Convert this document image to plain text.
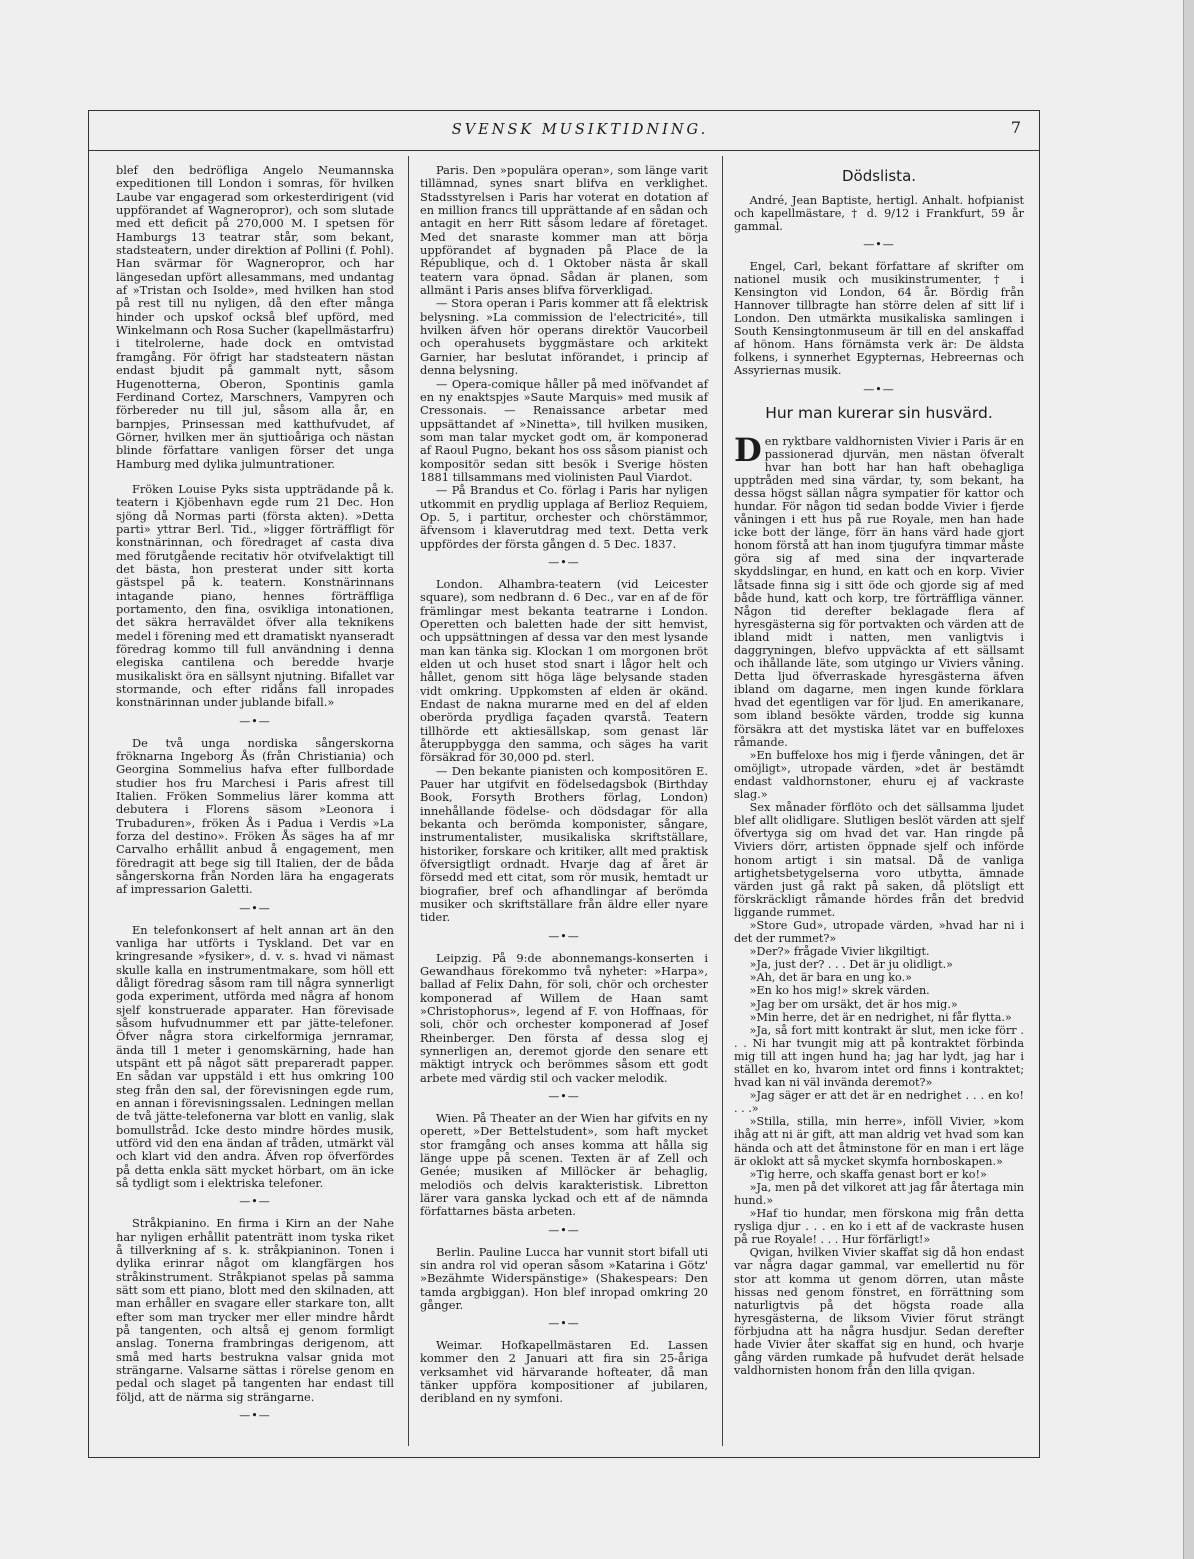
SVENSK MUSIKTIDNING.	7

blef den bedröfliga Angelo Neumannska expeditionen till London i somras, för hvilken Laube var engagerad som orkesterdirigent (vid uppförandet af Wagneropror), och som slutade med ett deficit på 270,000 M. I spetsen för Hamburgs 13 teatrar står, som bekant, stadsteatern, under direktion af Pollini (f. Pohl). Han svärmar för Wagneropror, och har längesedan upfört allesammans, med undantag af »Tristan och Isolde», med hvilken han stod på rest till nu nyligen, då den efter många hinder och upskof också blef upförd, med Winkelmann och Rosa Sucher (kapellmästarfru) i titelrolerne, hade dock en omtvistad framgång. För öfrigt har stadsteatern nästan endast bjudit på gammalt nytt, såsom Hugenotterna, Oberon, Spontinis gamla Ferdinand Cortez, Marschners, Vampyren och förbereder nu till jul, såsom alla år, en barnpjes, Prinsessan med katthufvudet, af Görner, hvilken mer än sjuttioåriga och nästan blinde författare vanligen förser det unga Hamburg med dylika julmuntrationer.

Fröken Louise Pyks sista uppträdande på k. teatern i Kjöbenhavn egde rum 21 Dec. Hon sjöng då Normas parti (första akten). »Detta parti» yttrar Berl. Tid., »ligger förträffligt för konstnärinnan, och föredraget af casta diva med förutgående recitativ hör otvifvelaktigt till det bästa, hon presterat under sitt korta gästspel på k. teatern. Konstnärinnans intagande piano, hennes förträffliga portamento, den fina, osvikliga intonationen, det säkra herraväldet öfver alla teknikens medel i förening med ett dramatiskt nyanseradt föredrag kommo till full användning i denna elegiska cantilena och beredde hvarje musikaliskt öra en sällsynt njutning. Bifallet var stormande, och efter ridåns fall inropades konstnärinnan under jublande bifall.»

—•—

De två unga nordiska sångerskorna fröknarna Ingeborg Ås (från Christiania) och Georgina Sommelius hafva efter fullbordade studier hos fru Marchesi i Paris afrest till Italien. Fröken Sommelius lärer komma att debutera i Florens säsom »Leonora i Trubaduren», fröken Ås i Padua i Verdis »La forza del destino». Fröken Ås säges ha af mr Carvalho erhållit anbud å engagement, men föredragit att bege sig till Italien, der de båda sångerskorna från Norden lära ha engagerats af impressarion Galetti.

—•—

En telefonkonsert af helt annan art än den vanliga har utförts i Tyskland. Det var en kringresande »fysiker», d. v. s. hvad vi nämast skulle kalla en instrumentmakare, som höll ett dåligt föredrag såsom ram till några synnerligt goda experiment, utförda med några af honom sjelf konstruerade apparater. Han förevisade såsom hufvudnummer ett par jätte-telefoner. Öfver några stora cirkelformiga jernramar, ända till 1 meter i genomskärning, hade han utspänt ett på något sätt prepareradt papper. En sådan var uppstäld i ett hus omkring 100 steg från den sal, der förevisningen egde rum, en annan i förevisningssalen. Ledningen mellan de två jätte-telefonerna var blott en vanlig, slak bomullstråd. Icke desto mindre hördes musik, utförd vid den ena ändan af tråden, utmärkt väl och klart vid den andra. Äfven rop öfverfördes på detta enkla sätt mycket hörbart, om än icke så tydligt som i elektriska telefoner.

—•—

Stråkpianino. En firma i Kirn an der Nahe har nyligen erhållit patenträtt inom tyska riket å tillverkning af s. k. stråkpianinon. Tonen i dylika erinrar något om klangfärgen hos stråkinstrument. Stråkpianot spelas på samma sätt som ett piano, blott med den skilnaden, att man erhåller en svagare eller starkare ton, allt efter som man trycker mer eller mindre hårdt på tangenten, och altså ej genom formligt anslag. Tonerna frambringas derigenom, att små med harts bestrukna valsar gnida mot strängarne. Valsarne sättas i rörelse genom en pedal och slaget på tangenten har endast till följd, att de närma sig strängarne.

—•—

Paris. Den »populära operan», som länge varit tillämnad, synes snart blifva en verklighet. Stadsstyrelsen i Paris har voterat en dotation af en million francs till upprättande af en sådan och antagit en herr Ritt såsom ledare af företaget. Med det snaraste kommer man att börja uppförandet af bygnaden på Place de la République, och d. 1 Oktober nästa år skall teatern vara öpnad. Sådan är planen, som allmänt i Paris anses blifva förverkligad.

— Stora operan i Paris kommer att få elektrisk belysning. »La commission de l'electricité», till hvilken äfven hör operans direktör Vaucorbeil och operahusets byggmästare och arkitekt Garnier, har beslutat införandet, i princip af denna belysning.

— Opera-comique håller på med inöfvandet af en ny enaktspjes »Saute Marquis» med musik af Cressonais. — Renaissance arbetar med uppsättandet af »Ninetta», till hvilken musiken, som man talar mycket godt om, är komponerad af Raoul Pugno, bekant hos oss såsom pianist och kompositör sedan sitt besök i Sverige hösten 1881 tillsammans med violinisten Paul Viardot.

— På Brandus et Co. förlag i Paris har nyligen utkommit en prydlig upplaga af Berlioz Requiem, Op. 5, i partitur, orchester och chörstämmor, äfvensom i klaverutdrag med text. Detta verk uppfördes der första gången d. 5 Dec. 1837.

—•—

London. Alhambra-teatern (vid Leicester square), som nedbrann d. 6 Dec., var en af de för främlingar mest bekanta teatrarne i London. Operetten och baletten hade der sitt hemvist, och uppsättningen af dessa var den mest lysande man kan tänka sig. Klockan 1 om morgonen bröt elden ut och huset stod snart i lågor helt och hållet, genom sitt höga läge belysande staden vidt omkring. Uppkomsten af elden är okänd. Endast de nakna murarne med en del af elden oberörda prydliga façaden qvarstå. Teatern tillhörde ett aktiesällskap, som genast lär återuppbygga den samma, och säges ha varit försäkrad för 30,000 pd. sterl.

— Den bekante pianisten och kompositören E. Pauer har utgifvit en födelsedagsbok (Birthday Book, Forsyth Brothers förlag, London) innehållande födelse- och dödsdagar för alla bekanta och berömda komponister, sångare, instrumentalister, musikaliska skriftställare, historiker, forskare och kritiker, allt med praktisk öfversigtligt ordnadt. Hvarje dag af året är försedd med ett citat, som rör musik, hemtadt ur biografier, bref och afhandlingar af berömda musiker och skriftställare från äldre eller nyare tider.

—•—

Leipzig. På 9:de abonnemangs-konserten i Gewandhaus förekommo två nyheter: »Harpa», ballad af Felix Dahn, för soli, chör och orchester komponerad af Willem de Haan samt »Christophorus», legend af F. von Hoffnaas, för soli, chör och orchester komponerad af Josef Rheinberger. Den första af dessa slog ej synnerligen an, deremot gjorde den senare ett mäktigt intryck och berömmes såsom ett godt arbete med värdig stil och vacker melodik.

—•—

Wien. På Theater an der Wien har gifvits en ny operett, »Der Bettelstudent», som haft mycket stor framgång och anses komma att hålla sig länge uppe på scenen. Texten är af Zell och Genée; musiken af Millöcker är behaglig, melodiös och delvis karakteristisk. Libretton lärer vara ganska lyckad och ett af de nämnda författarnes bästa arbeten.

—•—

Berlin. Pauline Lucca har vunnit stort bifall uti sin andra rol vid operan såsom »Katarina i Götz' »Bezähmte Widerspänstige» (Shakespears: Den tamda argbiggan). Hon blef inropad omkring 20 gånger.

—•—

Weimar. Hofkapellmästaren Ed. Lassen kommer den 2 Januari att fira sin 25-åriga verksamhet vid härvarande hofteater, då man tänker uppföra kompositioner af jubilaren, deribland en ny symfoni.

Dödslista.

André, Jean Baptiste, hertigl. Anhalt. hofpianist och kapellmästare, † d. 9/12 i Frankfurt, 59 år gammal.

—•—

Engel, Carl, bekant författare af skrifter om nationel musik och musikinstrumenter, † i Kensington vid London, 64 år. Bördig från Hannover tillbragte han större delen af sitt lif i London. Den utmärkta musikaliska samlingen i South Kensingtonmuseum är till en del anskaffad af hönom. Hans förnämsta verk är: De äldsta folkens, i synnerhet Egypternas, Hebreernas och Assyriernas musik.

—•—
Hur man kurerar sin husvärd.

Den ryktbare valdhornisten Vivier i Paris är en passionerad djurvän, men nästan öfveralt hvar han bott har han haft obehagliga upptråden med sina värdar, ty, som bekant, ha dessa högst sällan några sympatier för kattor och hundar. För någon tid sedan bodde Vivier i fjerde våningen i ett hus på rue Royale, men han hade icke bott der länge, förr än hans värd hade gjort honom förstå att han inom tjugufyra timmar måste göra sig af med sina der inqvarterade skyddslingar, en hund, en katt och en korp. Vivier låtsade finna sig i sitt öde och gjorde sig af med både hund, katt och korp, tre förträffliga vänner. Någon tid derefter beklagade flera af hyresgästerna sig för portvakten och värden att de ibland midt i natten, men vanligtvis i daggryningen, blefvo uppväckta af ett sällsamt och ihållande läte, som utgingo ur Viviers våning. Detta ljud öfverraskade hyresgästerna äfven ibland om dagarne, men ingen kunde förklara hvad det egentligen var för ljud. En amerikanare, som ibland besökte värden, trodde sig kunna försäkra att det mystiska lätet var en buffeloxes råmande.

»En buffeloxe hos mig i fjerde våningen, det är omöjligt», utropade värden, »det är bestämdt endast valdhornstoner, ehuru ej af vackraste slag.»

Sex månader förflöto och det sällsamma ljudet blef allt olidligare. Slutligen beslöt värden att sjelf öfvertyga sig om hvad det var. Han ringde på Viviers dörr, artisten öppnade sjelf och införde honom artigt i sin matsal. Då de vanliga artighetsbetygelserna voro utbytta, ämnade värden just gå rakt på saken, då plötsligt ett förskräckligt råmande hördes från det bredvid liggande rummet.

»Store Gud», utropade värden, »hvad har ni i det der rummet?»

»Der?» frågade Vivier likgiltigt.

»Ja, just der? . . . Det är ju olidligt.»

»Ah, det är bara en ung ko.»

»En ko hos mig!» skrek värden.

»Jag ber om ursäkt, det är hos mig.»

»Min herre, det är en nedrighet, ni får flytta.»

»Ja, så fort mitt kontrakt är slut, men icke förr . . . Ni har tvungit mig att på kontraktet förbinda mig till att ingen hund ha; jag har lydt, jag har i stället en ko, hvarom intet ord finns i kontraktet; hvad kan ni väl invända deremot?»

»Jag säger er att det är en nedrighet . . . en ko! . . .»

»Stilla, stilla, min herre», inföll Vivier, »kom ihåg att ni är gift, att man aldrig vet hvad som kan hända och att det åtminstone för en man i ert läge är oklokt att så mycket skymfa hornboskapen.»

»Tig herre, och skaffa genast bort er ko!»

»Ja, men på det vilkoret att jag får återtaga min hund.»

»Haf tio hundar, men förskona mig från detta rysliga djur . . . en ko i ett af de vackraste husen på rue Royale! . . . Hur förfärligt!»

Qvigan, hvilken Vivier skaffat sig då hon endast var några dagar gammal, var emellertid nu för stor att komma ut genom dörren, utan måste hissas ned genom fönstret, en förrättning som naturligtvis på det högsta roade alla hyresgästerna, de liksom Vivier förut strängt förbjudna att ha några husdjur. Sedan derefter hade Vivier åter skaffat sig en hund, och hvarje gång värden rumkade på hufvudet derät helsade valdhornisten honom från den lilla qvigan.
